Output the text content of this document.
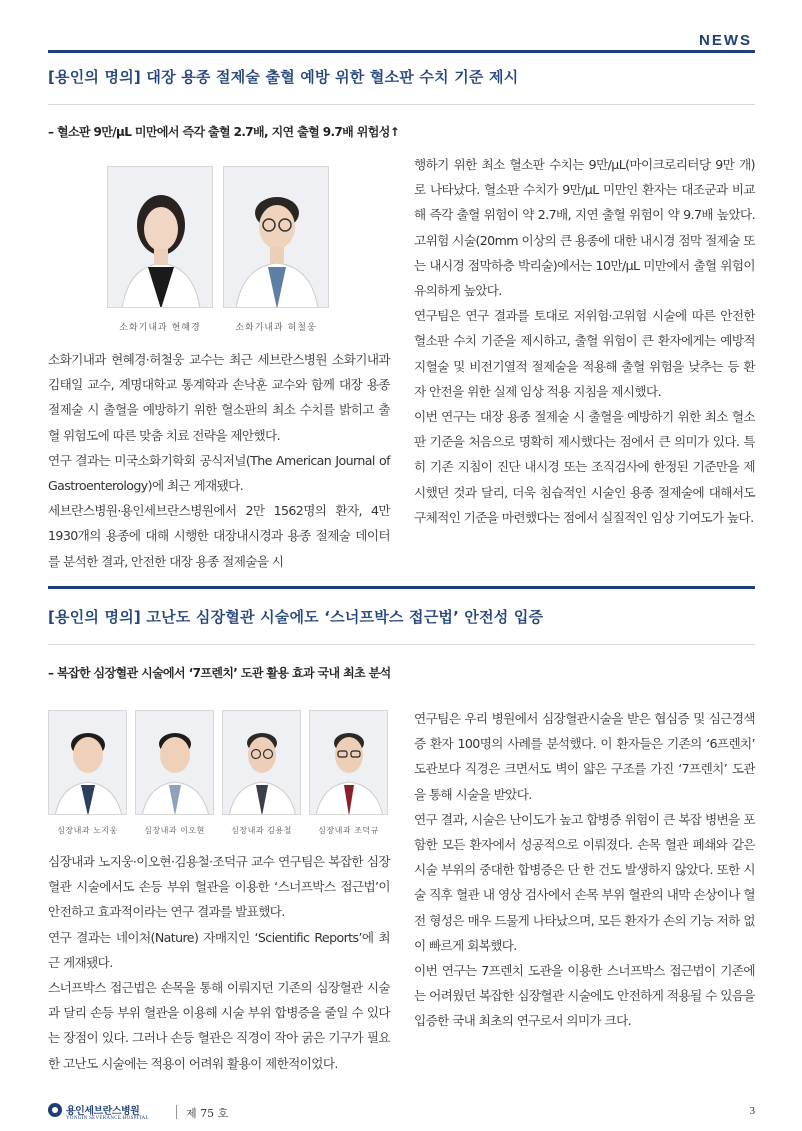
NEWS
[용인의 명의] 대장 용종 절제술 출혈 예방 위한 혈소판 수치 기준 제시
– 혈소판 9만/μL 미만에서 즉각 출혈 2.7배, 지연 출혈 9.7배 위험성↑
소화기내과 현혜경	소화기내과 허철웅

소화기내과 현혜경·허철웅 교수는 최근 세브란스병원 소화기내과 김태일 교수, 계명대학교 통계학과 손낙훈 교수와 함께 대장 용종 절제술 시 출혈을 예방하기 위한 혈소판의 최소 수치를 밝히고 출혈 위험도에 따른 맞춤 치료 전략을 제안했다.

연구 결과는 미국소화기학회 공식저널(The American Journal of Gastroenterology)에 최근 게재됐다.

세브란스병원·용인세브란스병원에서 2만 1562명의 환자, 4만 1930개의 용종에 대해 시행한 대장내시경과 용종 절제술 데이터를 분석한 결과, 안전한 대장 용종 절제술을 시

행하기 위한 최소 혈소판 수치는 9만/μL(마이크로리터당 9만 개)로 나타났다. 혈소판 수치가 9만/μL 미만인 환자는 대조군과 비교해 즉각 출혈 위험이 약 2.7배, 지연 출혈 위험이 약 9.7배 높았다. 고위험 시술(20mm 이상의 큰 용종에 대한 내시경 점막 절제술 또는 내시경 점막하층 박리술)에서는 10만/μL 미만에서 출혈 위험이 유의하게 높았다.

연구팀은 연구 결과를 토대로 저위험·고위험 시술에 따른 안전한 혈소판 수치 기준을 제시하고, 출혈 위험이 큰 환자에게는 예방적 지혈술 및 비전기열적 절제술을 적용해 출혈 위험을 낮추는 등 환자 안전을 위한 실제 임상 적용 지침을 제시했다.

이번 연구는 대장 용종 절제술 시 출혈을 예방하기 위한 최소 혈소판 기준을 처음으로 명확히 제시했다는 점에서 큰 의미가 있다. 특히 기존 지침이 진단 내시경 또는 조직검사에 한정된 기준만을 제시했던 것과 달리, 더욱 침습적인 시술인 용종 절제술에 대해서도 구체적인 기준을 마련했다는 점에서 실질적인 임상 기여도가 높다.

[용인의 명의] 고난도 심장혈관 시술에도 ‘스너프박스 접근법’ 안전성 입증
– 복잡한 심장혈관 시술에서 ‘7프렌치’ 도관 활용 효과 국내 최초 분석
심장내과 노지웅	심장내과 이오현	심장내과 김용철	심장내과 조덕규

심장내과 노지웅·이오현·김용철·조덕규 교수 연구팀은 복잡한 심장혈관 시술에서도 손등 부위 혈관을 이용한 ‘스너프박스 접근법’이 안전하고 효과적이라는 연구 결과를 발표했다.

연구 결과는 네이처(Nature) 자매지인 ‘Scientific Reports’에 최근 게재됐다.

스너프박스 접근법은 손목을 통해 이뤄지던 기존의 심장혈관 시술과 달리 손등 부위 혈관을 이용해 시술 부위 합병증을 줄일 수 있다는 장점이 있다. 그러나 손등 혈관은 직경이 작아 굵은 기구가 필요한 고난도 시술에는 적용이 어려워 활용이 제한적이었다.

연구팀은 우리 병원에서 심장혈관시술을 받은 협심증 및 심근경색증 환자 100명의 사례를 분석했다. 이 환자들은 기존의 ‘6프렌치’ 도관보다 직경은 크면서도 벽이 얇은 구조를 가진 ‘7프렌치’ 도관을 통해 시술을 받았다.

연구 결과, 시술은 난이도가 높고 합병증 위험이 큰 복잡 병변을 포함한 모든 환자에서 성공적으로 이뤄졌다. 손목 혈관 폐쇄와 같은 시술 부위의 중대한 합병증은 단 한 건도 발생하지 않았다. 또한 시술 직후 혈관 내 영상 검사에서 손목 부위 혈관의 내막 손상이나 혈전 형성은 매우 드물게 나타났으며, 모든 환자가 손의 기능 저하 없이 빠르게 회복했다.

이번 연구는 7프렌치 도관을 이용한 스너프박스 접근법이 기존에는 어려웠던 복잡한 심장혈관 시술에도 안전하게 적용될 수 있음을 입증한 국내 최초의 연구로서 의미가 크다.

용인세브란스병원
YONGIN SEVERANCE HOSPITAL	제 75 호	3
